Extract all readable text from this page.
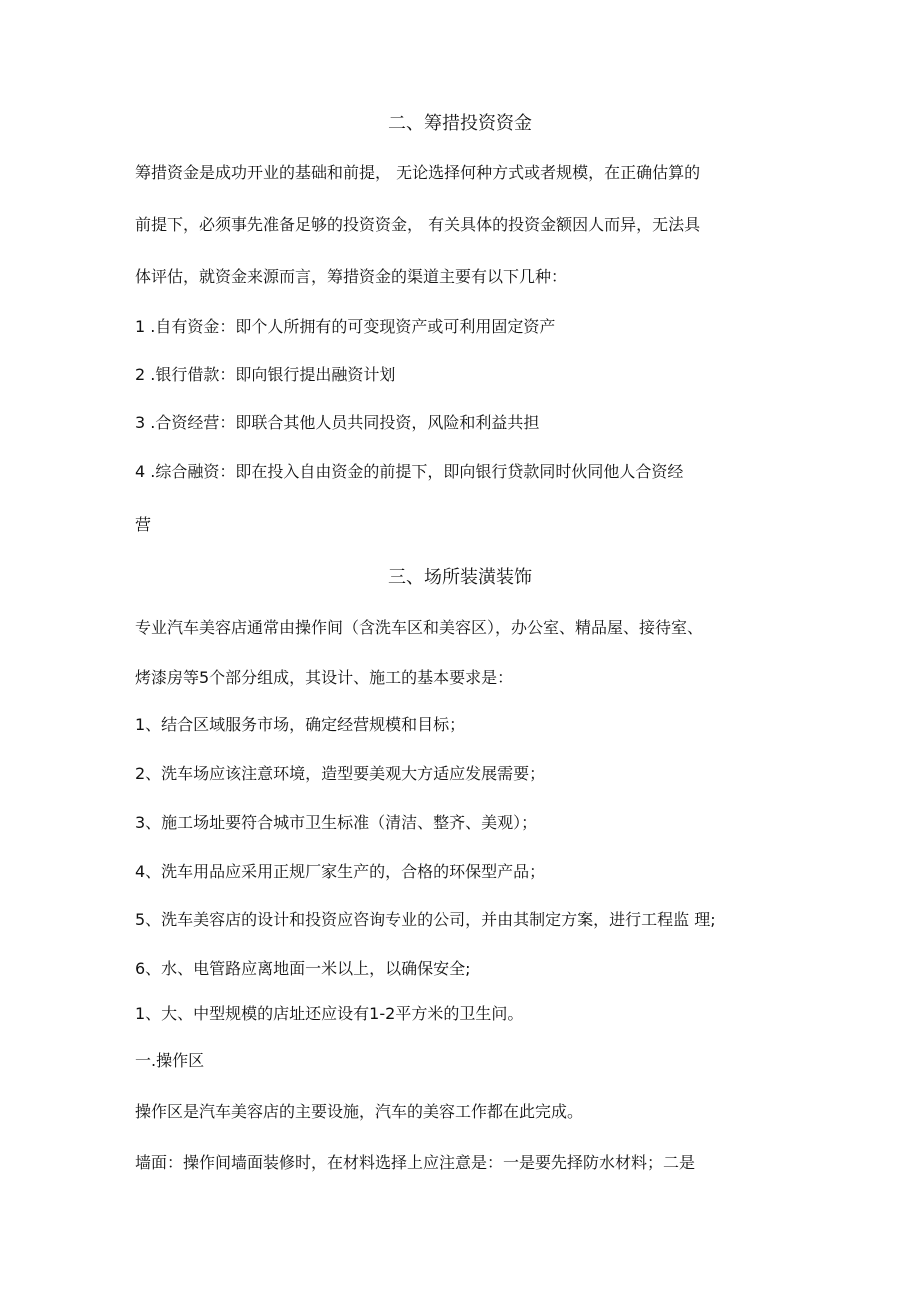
二、筹措投资资金

筹措资金是成功开业的基础和前提， 无论选择何种方式或者规模，在正确估算的

前提下，必须事先准备足够的投资资金， 有关具体的投资金额因人而异，无法具

体评估，就资金来源而言，筹措资金的渠道主要有以下几种：

1 .自有资金：即个人所拥有的可变现资产或可利用固定资产

2 .银行借款：即向银行提出融资计划

3 .合资经营：即联合其他人员共同投资，风险和利益共担

4 .综合融资：即在投入自由资金的前提下，即向银行贷款同时伙同他人合资经

营

三、场所装潢装饰

专业汽车美容店通常由操作间（含洗车区和美容区），办公室、精品屋、接待室、

烤漆房等5个部分组成，其设计、施工的基本要求是：

1、结合区域服务市场，确定经营规模和目标；

2、洗车场应该注意环境，造型要美观大方适应发展需要；

3、施工场址要符合城市卫生标准（清洁、整齐、美观）；

4、洗车用品应采用正规厂家生产的，合格的环保型产品；

5、洗车美容店的设计和投资应咨询专业的公司，并由其制定方案，进行工程监 理;

6、水、电管路应离地面一米以上，以确保安全;

1、大、中型规模的店址还应设有1-2平方米的卫生问。

一.操作区

操作区是汽车美容店的主要设施，汽车的美容工作都在此完成。

墙面：操作间墙面装修时，在材料选择上应注意是：一是要先择防水材料；二是
